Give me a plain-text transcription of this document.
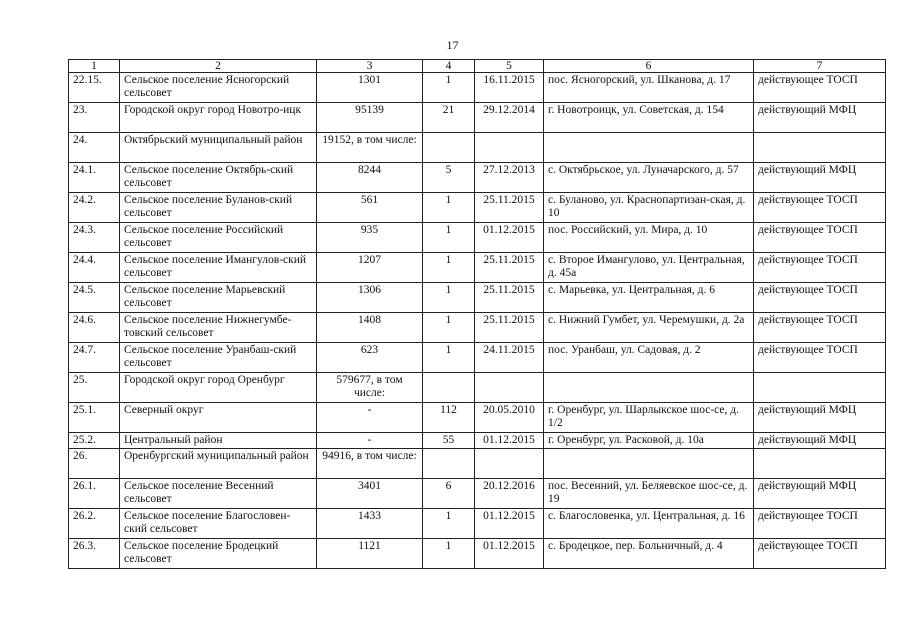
17
1	2	3	4	5	6	7
22.15.	Сельское поселение Ясногорский сельсовет	1301	1	16.11.2015	пос. Ясногорский, ул. Шканова, д. 17	действующее ТОСП
23.	Городской округ город Новотро-ицк	95139	21	29.12.2014	г. Новотроицк, ул. Советская, д. 154	действующий МФЦ
24.	Октябрьский муниципальный район	19152, в том числе:				
24.1.	Сельское поселение Октябрь-ский сельсовет	8244	5	27.12.2013	с. Октябрьское, ул. Луначарского, д. 57	действующий МФЦ
24.2.	Сельское поселение Буланов-ский сельсовет	561	1	25.11.2015	с. Буланово, ул. Краснопартизан-ская, д. 10	действующее ТОСП
24.3.	Сельское поселение Российский сельсовет	935	1	01.12.2015	пос. Российский, ул. Мира, д. 10	действующее ТОСП
24.4.	Сельское поселение Имангулов-ский сельсовет	1207	1	25.11.2015	с. Второе Имангулово, ул. Центральная, д. 45а	действующее ТОСП
24.5.	Сельское поселение Марьевский сельсовет	1306	1	25.11.2015	с. Марьевка, ул. Центральная, д. 6	действующее ТОСП
24.6.	Сельское поселение Нижнегумбе-товский сельсовет	1408	1	25.11.2015	с. Нижний Гумбет, ул. Черемушки, д. 2а	действующее ТОСП
24.7.	Сельское поселение Уранбаш-ский сельсовет	623	1	24.11.2015	пос. Уранбаш, ул. Садовая, д. 2	действующее ТОСП
25.	Городской округ город Оренбург	579677, в том числе:				
25.1.	Северный округ	-	112	20.05.2010	г. Оренбург, ул. Шарлыкское шос-се, д. 1/2	действующий МФЦ
25.2.	Центральный район	-	55	01.12.2015	г. Оренбург, ул. Расковой, д. 10а	действующий МФЦ
26.	Оренбургский муниципальный район	94916, в том числе:				
26.1.	Сельское поселение Весенний сельсовет	3401	6	20.12.2016	пос. Весенний, ул. Беляевское шос-се, д. 19	действующий МФЦ
26.2.	Сельское поселение Благословен-ский сельсовет	1433	1	01.12.2015	с. Благословенка, ул. Центральная, д. 16	действующее ТОСП
26.3.	Сельское поселение Бродецкий сельсовет	1121	1	01.12.2015	с. Бродецкое, пер. Больничный, д. 4	действующее ТОСП
